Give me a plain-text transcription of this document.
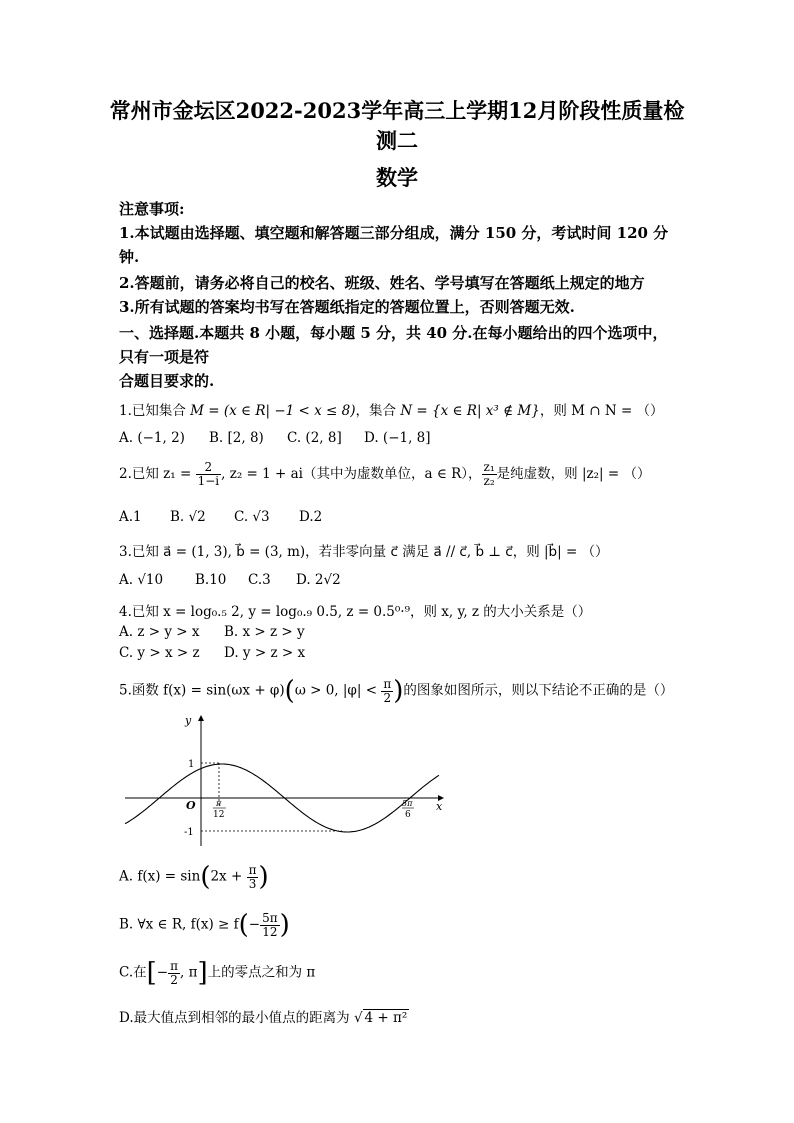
常州市金坛区2022-2023学年高三上学期12月阶段性质量检
测二
数学
注意事项:
1.本试题由选择题、填空题和解答题三部分组成，满分 150 分，考试时间 120 分
钟.
2.答题前，请务必将自己的校名、班级、姓名、学号填写在答题纸上规定的地方
3.所有试题的答案均书写在答题纸指定的答题位置上，否则答题无效.
一、选择题.本题共 8 小题，每小题 5 分，共 40 分.在每小题给出的四个选项中，
只有一项是符
合题目要求的.
1.已知集合 M = (x ∈ R| −1 < x ≤ 8)，集合 N = {x ∈ R| x³ ∉ M}，则 M ∩ N = （）
A. (−1, 2) B. [2, 8) C. (2, 8] D. (−1, 8]
2.已知 $z_1 = \frac{2}{1-i}$ , z₂ = 1 + ai（其中为虚数单位，a ∈ R）， $\frac{\text{z₁}}{\text{z₂}}$ 是纯虚数，则 |z₂| = （）
A.1 B. √2 C. √3 D.2
3.已知 a⃗ = (1, 3), b⃗ = (3, m)，若非零向量 c⃗ 满足 a⃗ // c⃗, b⃗ ⊥ c⃗，则 |b⃗| = （）
A. √10 B.10 C.3 D. 2√2
4.已知 x = log₀.₅ 2, y = log₀.₉ 0.5, z = 0.5⁰·⁹，则 x, y, z 的大小关系是（）
A. z > y > x B. x > z > y
C. y > x > z D. y > z > x
5.函数 f(x) = sin(ωx + φ)(ω > 0, $|\varphi| < \frac{\pi}{2}$ )的图象如图所示，则以下结论不正确的是（）
y
x
O
1
-1
π
12
5π
6
A. $f(x) = \sin(2x + \frac{\pi}{3}$ )
B. ∀x ∈ R, $f(x) \ge f(- \frac{5\pi}{12}$ )
C.在[− $\frac{\pi}{2}$ , π]上的零点之和为 π
D.最大值点到相邻的最小值点的距离为 √ 4 + π²
